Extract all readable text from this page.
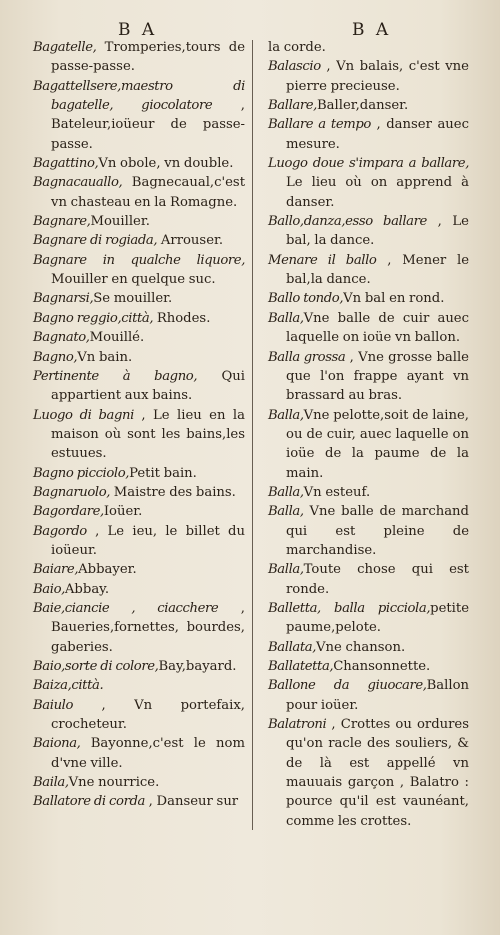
B A	B A
Bagatelle, Tromperies,tours de passe-passe.
Bagattellsere,maestro di bagatelle, giocolatore , Bateleur,ioüeur de passe-passe.
Bagattino,Vn obole, vn double.
Bagnacauallo, Bagnecaual,c'est vn chasteau en la Romagne.
Bagnare,Mouiller.
Bagnare di rogiada, Arrouser.
Bagnare in qualche liquore, Mouiller en quelque suc.
Bagnarsi,Se mouiller.
Bagno reggio,città, Rhodes.
Bagnato,Mouillé.
Bagno,Vn bain.
Pertinente à bagno, Qui appartient aux bains.
Luogo di bagni , Le lieu en la maison où sont les bains,les estuues.
Bagno picciolo,Petit bain.
Bagnaruolo, Maistre des bains.
Bagordare,Ioüer.
Bagordo , Le ieu, le billet du ioüeur.
Baiare,Abbayer.
Baio,Abbay.
Baie,ciancie , ciacchere , Baueries,fornettes, bourdes, gaberies.
Baio,sorte di colore,Bay,bayard.
Baiza,città.
Baiulo , Vn portefaix, crocheteur.
Baiona, Bayonne,c'est le nom d'vne ville.
Baila,Vne nourrice.
Ballatore di corda , Danseur sur
la corde.
Balascio , Vn balais, c'est vne pierre precieuse.
Ballare,Baller,danser.
Ballare a tempo , danser auec mesure.
Luogo doue s'impara a ballare, Le lieu où on apprend à danser.
Ballo,danza,esso ballare , Le bal, la dance.
Menare il ballo , Mener le bal,la dance.
Ballo tondo,Vn bal en rond.
Balla,Vne balle de cuir auec laquelle on ioüe vn ballon.
Balla grossa , Vne grosse balle que l'on frappe ayant vn brassard au bras.
Balla,Vne pelotte,soit de laine, ou de cuir, auec laquelle on ioüe de la paume de la main.
Balla,Vn esteuf.
Balla, Vne balle de marchand qui est pleine de marchandise.
Balla,Toute chose qui est ronde.
Balletta, balla picciola,petite paume,pelote.
Ballata,Vne chanson.
Ballatetta,Chansonnette.
Ballone da giuocare,Ballon pour ioüer.
Balatroni , Crottes ou ordures qu'on racle des souliers, & de là est appellé vn mauuais garçon , Balatro : pource qu'il est vaunéant, comme les crottes.
